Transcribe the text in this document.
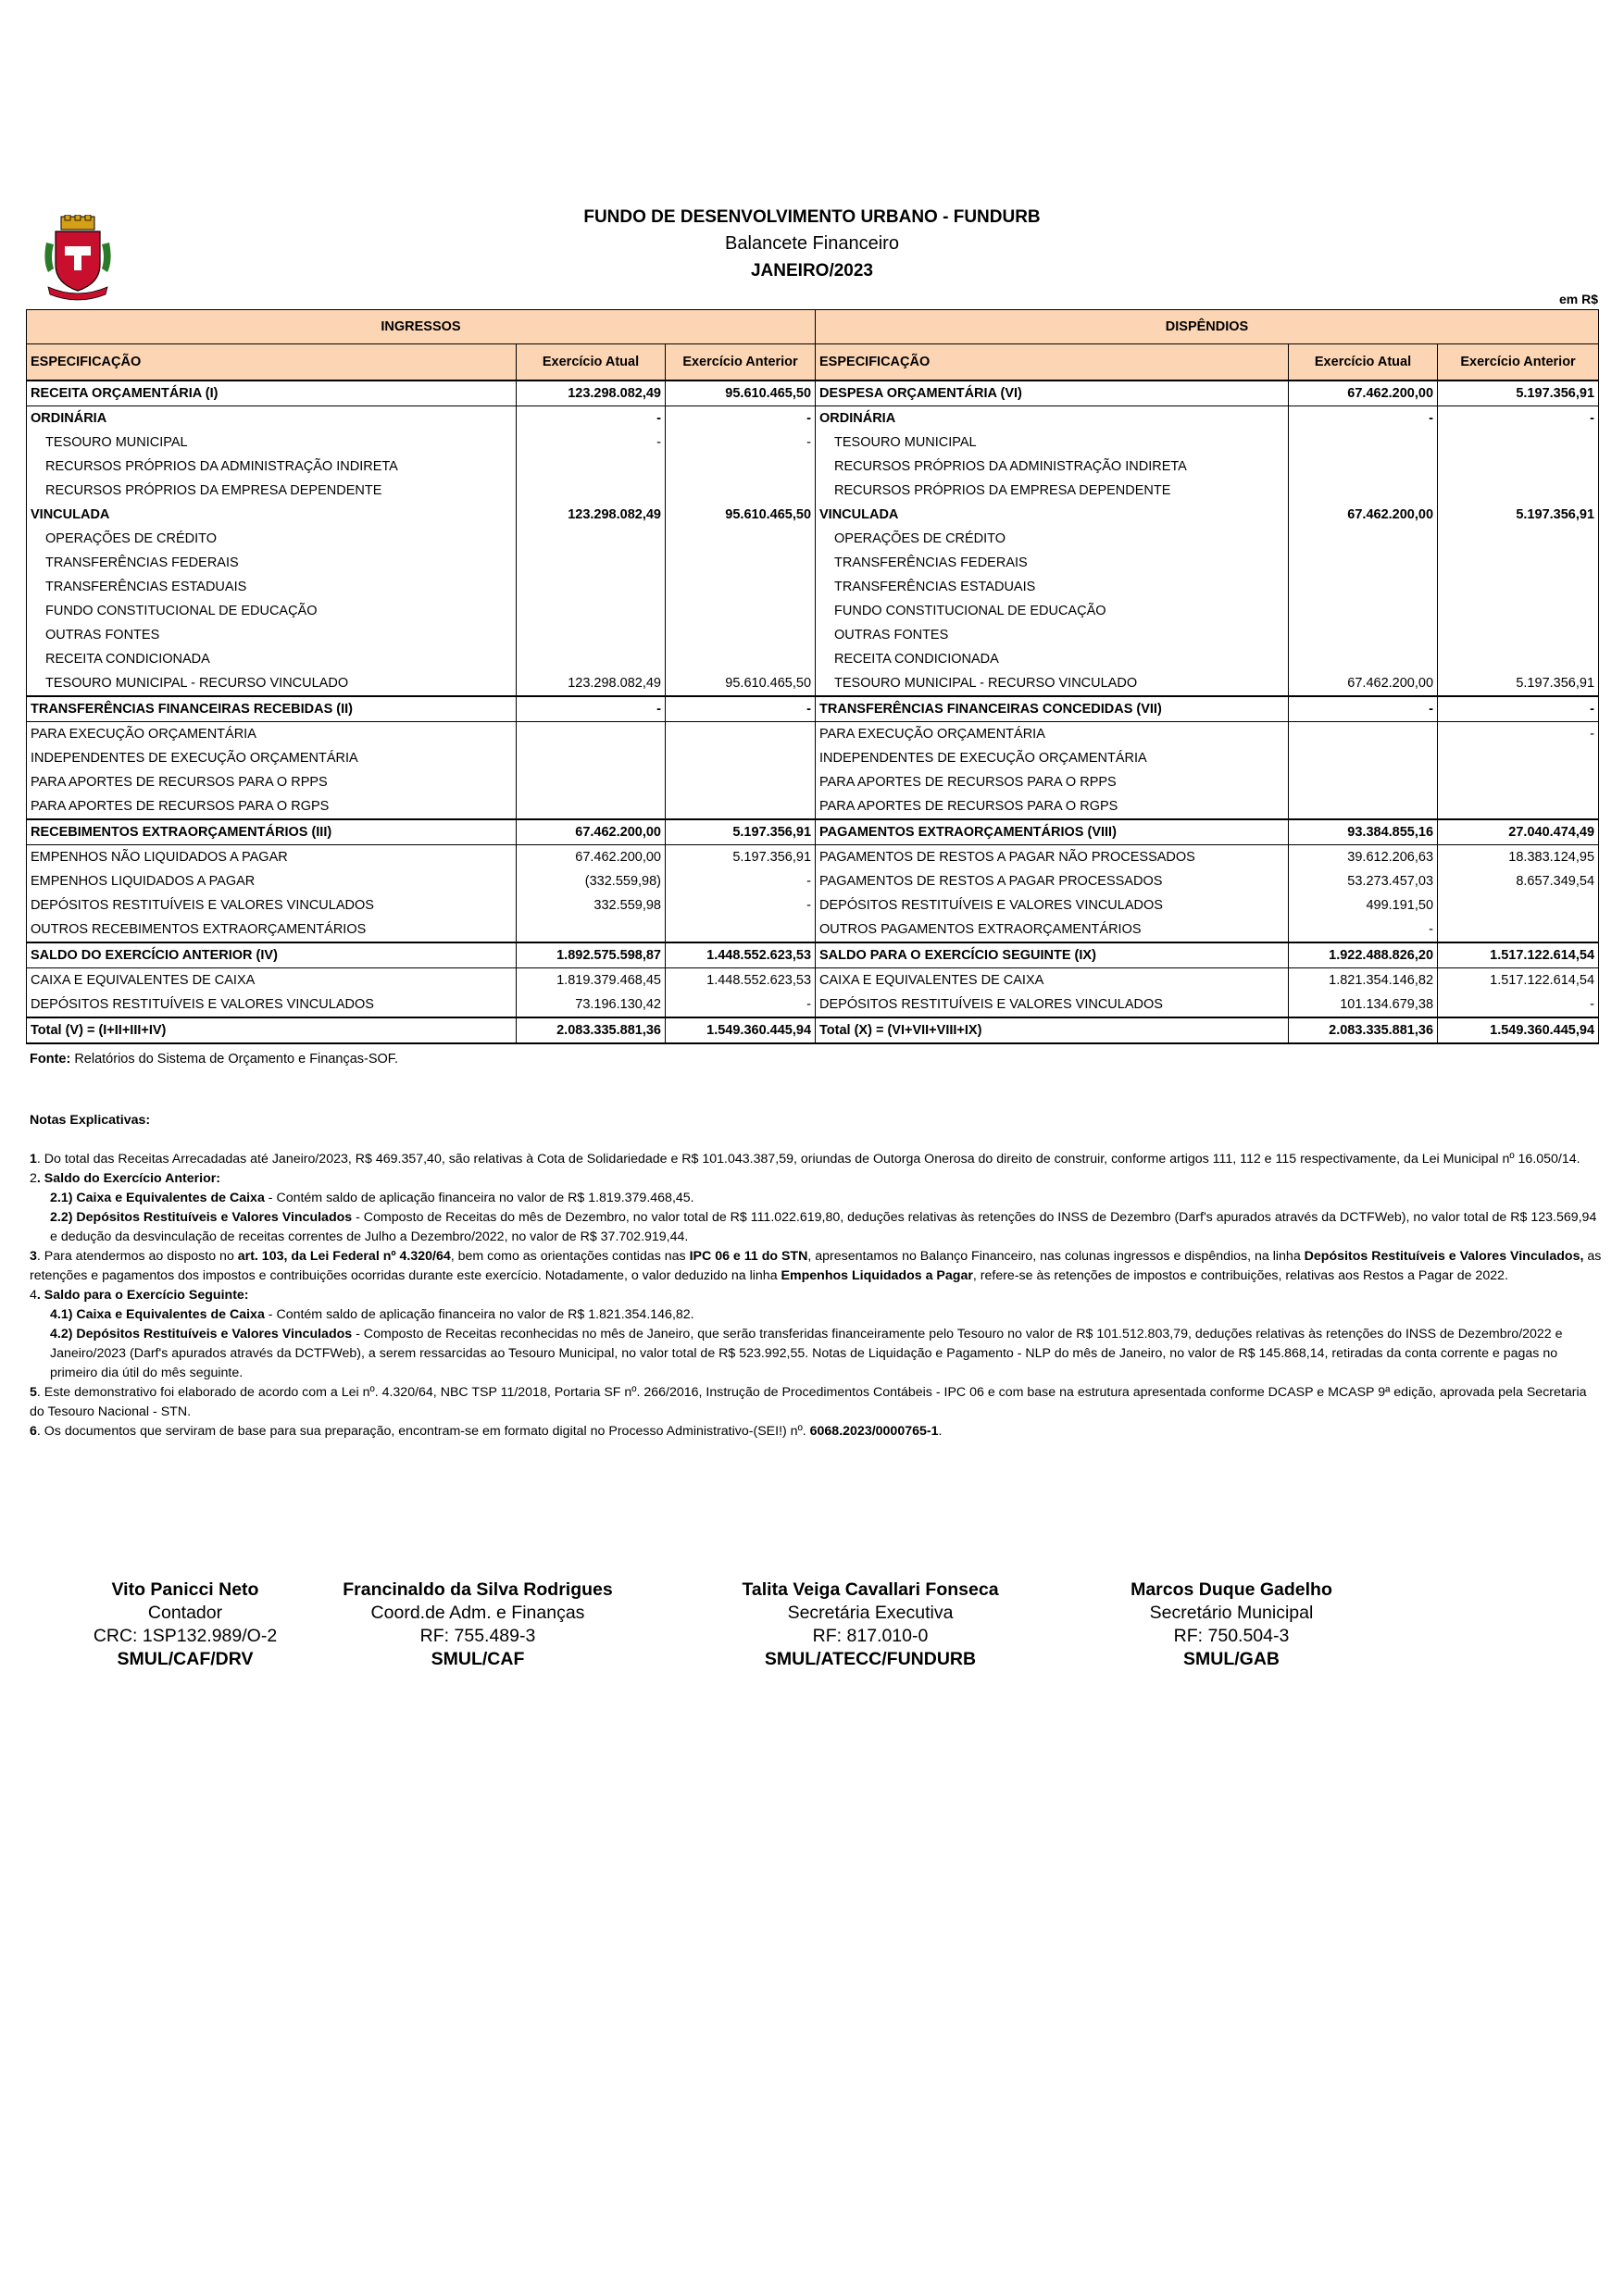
FUNDO DE DESENVOLVIMENTO URBANO - FUNDURB
Balancete Financeiro
JANEIRO/2023
em R$
INGRESSOS			DISPÊNDIOS		
ESPECIFICAÇÃO	Exercício Atual	Exercício Anterior	ESPECIFICAÇÃO	Exercício Atual	Exercício Anterior
RECEITA ORÇAMENTÁRIA (I)	123.298.082,49	95.610.465,50	DESPESA ORÇAMENTÁRIA (VI)	67.462.200,00	5.197.356,91
ORDINÁRIA	-	-	ORDINÁRIA	-	-
TESOURO MUNICIPAL	-	-	TESOURO MUNICIPAL		
RECURSOS PRÓPRIOS DA ADMINISTRAÇÃO INDIRETA			RECURSOS PRÓPRIOS DA ADMINISTRAÇÃO INDIRETA		
RECURSOS PRÓPRIOS DA EMPRESA DEPENDENTE			RECURSOS PRÓPRIOS DA EMPRESA DEPENDENTE		
VINCULADA	123.298.082,49	95.610.465,50	VINCULADA	67.462.200,00	5.197.356,91
OPERAÇÕES DE CRÉDITO			OPERAÇÕES DE CRÉDITO		
TRANSFERÊNCIAS FEDERAIS			TRANSFERÊNCIAS FEDERAIS		
TRANSFERÊNCIAS ESTADUAIS			TRANSFERÊNCIAS ESTADUAIS		
FUNDO CONSTITUCIONAL DE EDUCAÇÃO			FUNDO CONSTITUCIONAL DE EDUCAÇÃO		
OUTRAS FONTES			OUTRAS FONTES		
RECEITA CONDICIONADA			RECEITA CONDICIONADA		
TESOURO MUNICIPAL - RECURSO VINCULADO	123.298.082,49	95.610.465,50	TESOURO MUNICIPAL - RECURSO VINCULADO	67.462.200,00	5.197.356,91
TRANSFERÊNCIAS FINANCEIRAS RECEBIDAS (II)	-	-	TRANSFERÊNCIAS FINANCEIRAS CONCEDIDAS (VII)	-	-
PARA EXECUÇÃO ORÇAMENTÁRIA			PARA EXECUÇÃO ORÇAMENTÁRIA		-
INDEPENDENTES DE EXECUÇÃO ORÇAMENTÁRIA			INDEPENDENTES DE EXECUÇÃO ORÇAMENTÁRIA		
PARA APORTES DE RECURSOS PARA O RPPS			PARA APORTES DE RECURSOS PARA O RPPS		
PARA APORTES DE RECURSOS PARA O RGPS			PARA APORTES DE RECURSOS PARA O RGPS		
RECEBIMENTOS EXTRAORÇAMENTÁRIOS (III)	67.462.200,00	5.197.356,91	PAGAMENTOS EXTRAORÇAMENTÁRIOS (VIII)	93.384.855,16	27.040.474,49
EMPENHOS NÃO LIQUIDADOS A PAGAR	67.462.200,00	5.197.356,91	PAGAMENTOS DE RESTOS A PAGAR NÃO PROCESSADOS	39.612.206,63	18.383.124,95
EMPENHOS LIQUIDADOS A PAGAR	(332.559,98)	-	PAGAMENTOS DE RESTOS A PAGAR PROCESSADOS	53.273.457,03	8.657.349,54
DEPÓSITOS RESTITUÍVEIS E VALORES VINCULADOS	332.559,98	-	DEPÓSITOS RESTITUÍVEIS E VALORES VINCULADOS	499.191,50	
OUTROS RECEBIMENTOS EXTRAORÇAMENTÁRIOS			OUTROS PAGAMENTOS EXTRAORÇAMENTÁRIOS	-	
SALDO DO EXERCÍCIO ANTERIOR (IV)	1.892.575.598,87	1.448.552.623,53	SALDO PARA O EXERCÍCIO SEGUINTE (IX)	1.922.488.826,20	1.517.122.614,54
CAIXA E EQUIVALENTES DE CAIXA	1.819.379.468,45	1.448.552.623,53	CAIXA E EQUIVALENTES DE CAIXA	1.821.354.146,82	1.517.122.614,54
DEPÓSITOS RESTITUÍVEIS E VALORES VINCULADOS	73.196.130,42	-	DEPÓSITOS RESTITUÍVEIS E VALORES VINCULADOS	101.134.679,38	-
Total (V) = (I+II+III+IV)	2.083.335.881,36	1.549.360.445,94	Total (X) = (VI+VII+VIII+IX)	2.083.335.881,36	1.549.360.445,94
Fonte: Relatórios do Sistema de Orçamento e Finanças-SOF.

Notas Explicativas:

1. Do total das Receitas Arrecadadas até Janeiro/2023, R$ 469.357,40, são relativas à Cota de Solidariedade e R$ 101.043.387,59, oriundas de Outorga Onerosa do direito de construir, conforme artigos 111, 112 e 115 respectivamente, da Lei Municipal nº 16.050/14.

2. Saldo do Exercício Anterior:

2.1) Caixa e Equivalentes de Caixa - Contém saldo de aplicação financeira no valor de R$ 1.819.379.468,45.

2.2) Depósitos Restituíveis e Valores Vinculados - Composto de Receitas do mês de Dezembro, no valor total de R$ 111.022.619,80, deduções relativas às retenções do INSS de Dezembro (Darf's apurados através da DCTFWeb), no valor total de R$ 123.569,94 e dedução da desvinculação de receitas correntes de Julho a Dezembro/2022, no valor de R$ 37.702.919,44.

3. Para atendermos ao disposto no art. 103, da Lei Federal nº 4.320/64, bem como as orientações contidas nas IPC 06 e 11 do STN, apresentamos no Balanço Financeiro, nas colunas ingressos e dispêndios, na linha Depósitos Restituíveis e Valores Vinculados, as retenções e pagamentos dos impostos e contribuições ocorridas durante este exercício. Notadamente, o valor deduzido na linha Empenhos Liquidados a Pagar, refere-se às retenções de impostos e contribuições, relativas aos Restos a Pagar de 2022.

4. Saldo para o Exercício Seguinte:

4.1) Caixa e Equivalentes de Caixa - Contém saldo de aplicação financeira no valor de R$ 1.821.354.146,82.

4.2) Depósitos Restituíveis e Valores Vinculados - Composto de Receitas reconhecidas no mês de Janeiro, que serão transferidas financeiramente pelo Tesouro no valor de R$ 101.512.803,79, deduções relativas às retenções do INSS de Dezembro/2022 e Janeiro/2023 (Darf's apurados através da DCTFWeb), a serem ressarcidas ao Tesouro Municipal, no valor total de R$ 523.992,55. Notas de Liquidação e Pagamento - NLP do mês de Janeiro, no valor de R$ 145.868,14, retiradas da conta corrente e pagas no primeiro dia útil do mês seguinte.

5. Este demonstrativo foi elaborado de acordo com a Lei nº. 4.320/64, NBC TSP 11/2018, Portaria SF nº. 266/2016, Instrução de Procedimentos Contábeis - IPC 06 e com base na estrutura apresentada conforme DCASP e MCASP 9ª edição, aprovada pela Secretaria do Tesouro Nacional - STN.

6. Os documentos que serviram de base para sua preparação, encontram-se em formato digital no Processo Administrativo-(SEI!) nº. 6068.2023/0000765-1.

Vito Panicci Neto
Contador
CRC: 1SP132.989/O-2
SMUL/CAF/DRV
Francinaldo da Silva Rodrigues
Coord.de Adm. e Finanças
RF: 755.489-3
SMUL/CAF
Talita Veiga Cavallari Fonseca
Secretária Executiva
RF: 817.010-0
SMUL/ATECC/FUNDURB
Marcos Duque Gadelho
Secretário Municipal
RF: 750.504-3
SMUL/GAB
